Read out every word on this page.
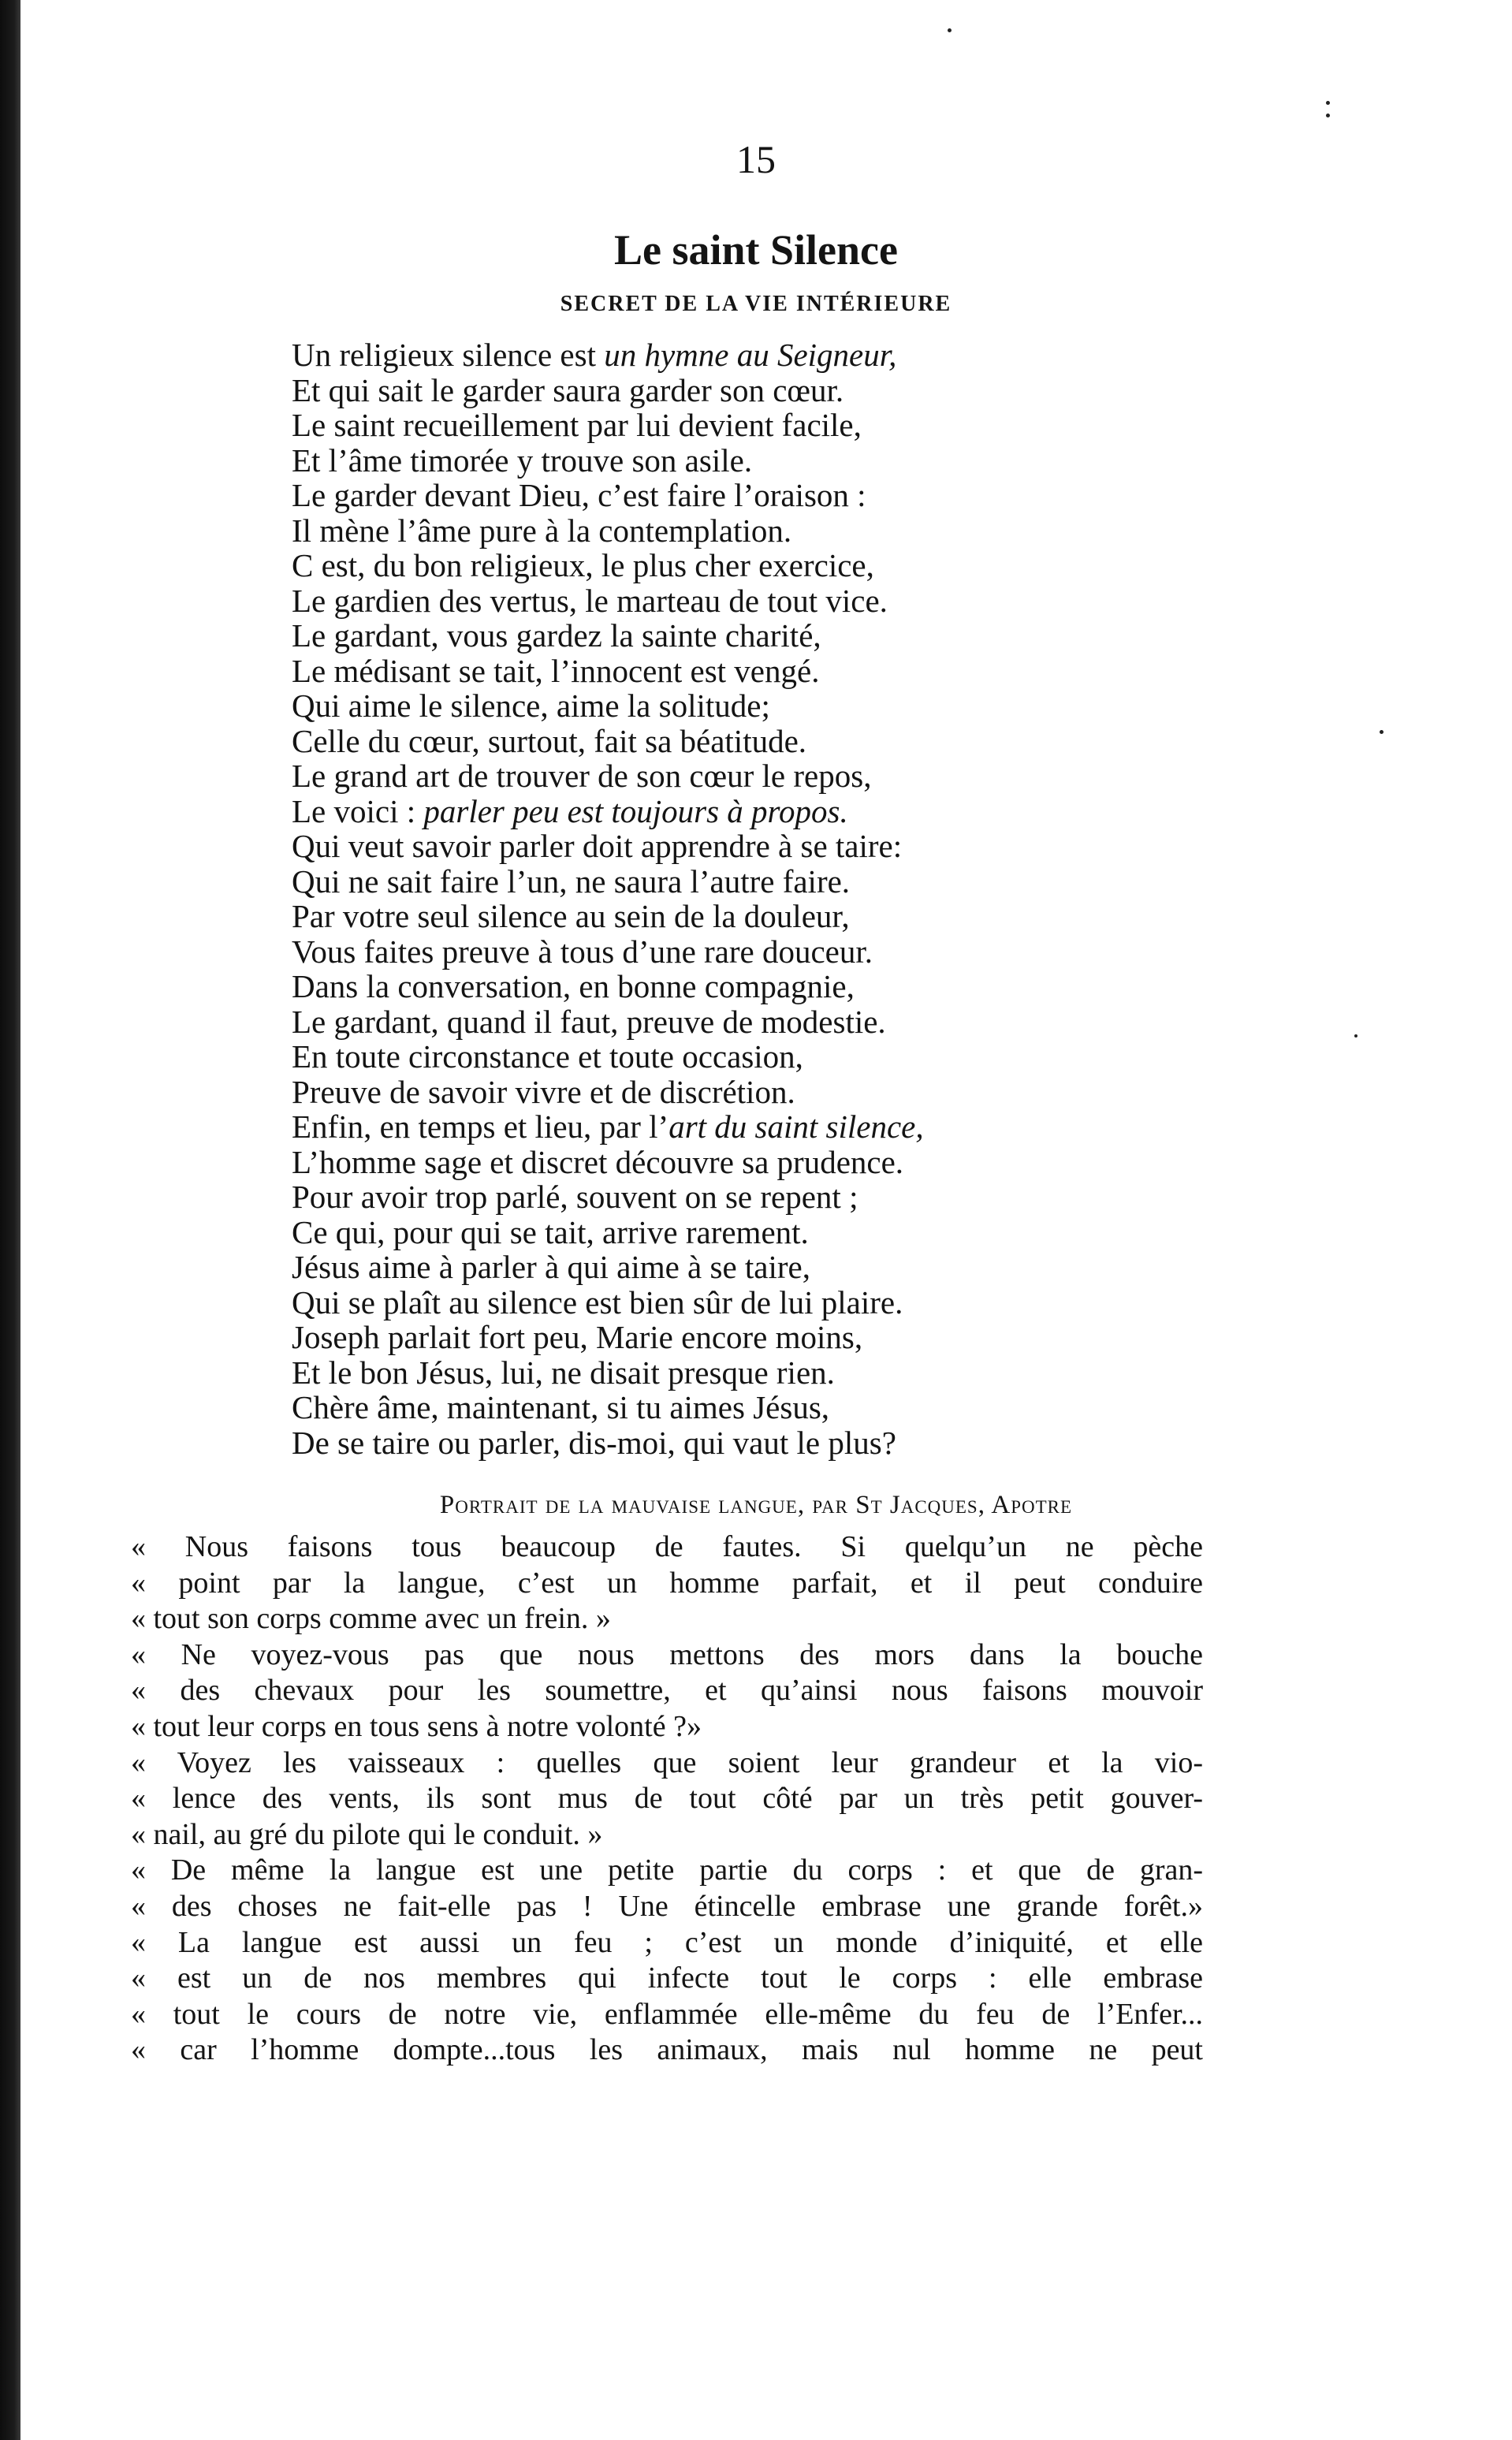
15
Le saint Silence
SECRET DE LA VIE INTÉRIEURE
Un religieux silence est un hymne au Seigneur,
Et qui sait le garder saura garder son cœur.
Le saint recueillement par lui devient facile,
Et l’âme timorée y trouve son asile.
Le garder devant Dieu, c’est faire l’oraison :
Il mène l’âme pure à la contemplation.
C est, du bon religieux, le plus cher exercice,
Le gardien des vertus, le marteau de tout vice.
Le gardant, vous gardez la sainte charité,
Le médisant se tait, l’innocent est vengé.
Qui aime le silence, aime la solitude;
Celle du cœur, surtout, fait sa béatitude.
Le grand art de trouver de son cœur le repos,
Le voici : parler peu est toujours à propos.
Qui veut savoir parler doit apprendre à se taire:
Qui ne sait faire l’un, ne saura l’autre faire.
Par votre seul silence au sein de la douleur,
Vous faites preuve à tous d’une rare douceur.
Dans la conversation, en bonne compagnie,
Le gardant, quand il faut, preuve de modestie.
En toute circonstance et toute occasion,
Preuve de savoir vivre et de discrétion.
Enfin, en temps et lieu, par l’art du saint silence,
L’homme sage et discret découvre sa prudence.
Pour avoir trop parlé, souvent on se repent ;
Ce qui, pour qui se tait, arrive rarement.
Jésus aime à parler à qui aime à se taire,
Qui se plaît au silence est bien sûr de lui plaire.
Joseph parlait fort peu, Marie encore moins,
Et le bon Jésus, lui, ne disait presque rien.
Chère âme, maintenant, si tu aimes Jésus,
De se taire ou parler, dis-moi, qui vaut le plus?
Portrait de la mauvaise langue, par St Jacques, Apotre
« Nous faisons tous beaucoup de fautes. Si quelqu’un ne pèche
« point par la langue, c’est un homme parfait, et il peut conduire
« tout son corps comme avec un frein. »
« Ne voyez-vous pas que nous mettons des mors dans la bouche
« des chevaux pour les soumettre, et qu’ainsi nous faisons mouvoir
« tout leur corps en tous sens à notre volonté ?»
« Voyez les vaisseaux : quelles que soient leur grandeur et la vio-
« lence des vents, ils sont mus de tout côté par un très petit gouver-
« nail, au gré du pilote qui le conduit. »
« De même la langue est une petite partie du corps : et que de gran-
« des choses ne fait-elle pas ! Une étincelle embrase une grande forêt.»
« La langue est aussi un feu ; c’est un monde d’iniquité, et elle
« est un de nos membres qui infecte tout le corps : elle embrase
« tout le cours de notre vie, enflammée elle-même du feu de l’Enfer...
« car l’homme dompte...tous les animaux, mais nul homme ne peut
